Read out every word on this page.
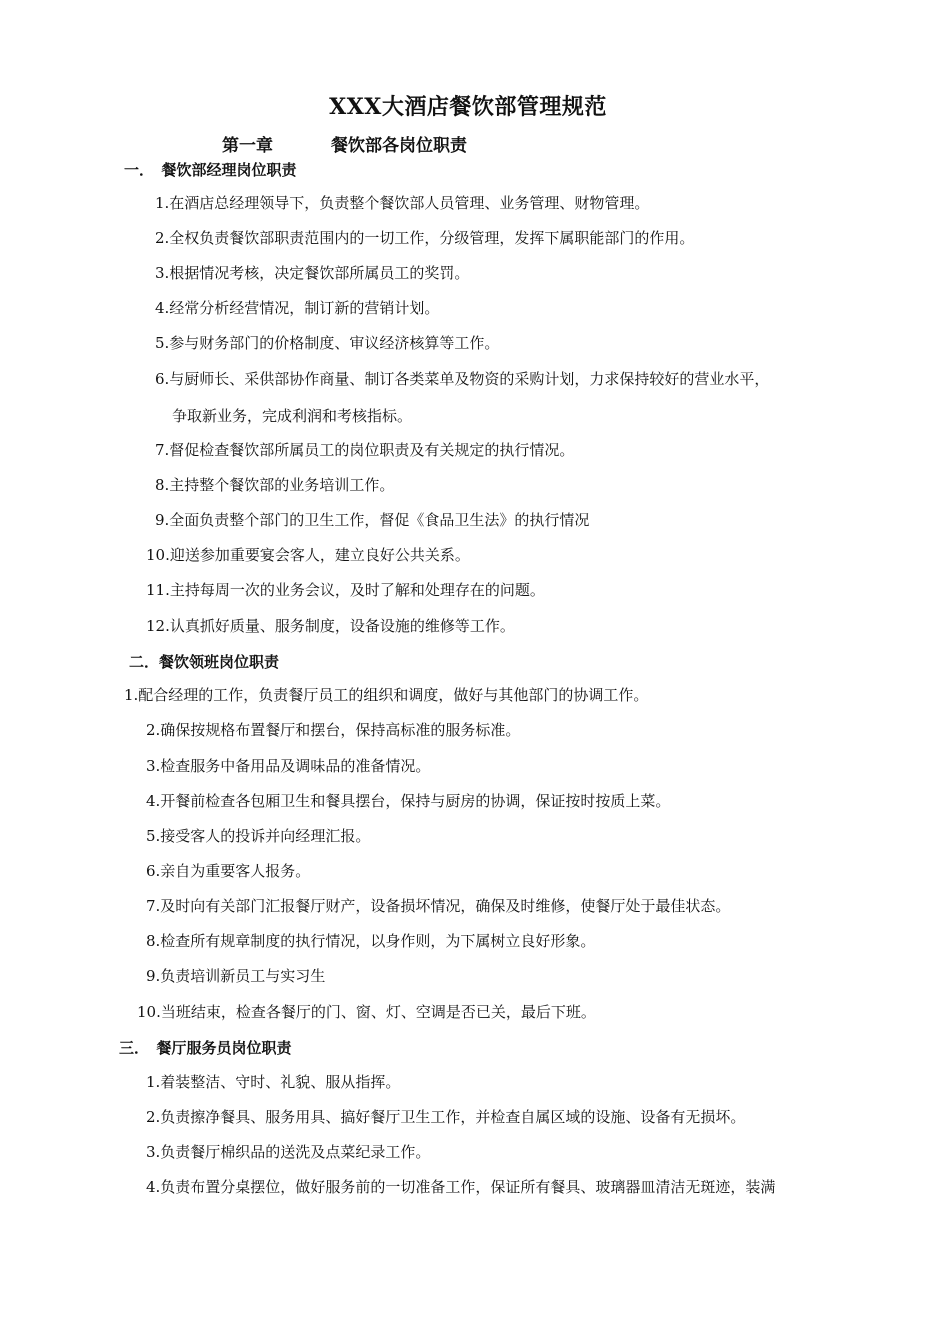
XXX大酒店餐饮部管理规范
第一章	餐饮部各岗位职责
一．　餐饮部经理岗位职责
1.在酒店总经理领导下，负责整个餐饮部人员管理、业务管理、财物管理。
2.全权负责餐饮部职责范围内的一切工作，分级管理，发挥下属职能部门的作用。
3.根据情况考核，决定餐饮部所属员工的奖罚。
4.经常分析经营情况，制订新的营销计划。
5.参与财务部门的价格制度、审议经济核算等工作。
6.与厨师长、采供部协作商量、制订各类菜单及物资的采购计划，力求保持较好的营业水平，
争取新业务，完成利润和考核指标。
7.督促检查餐饮部所属员工的岗位职责及有关规定的执行情况。
8.主持整个餐饮部的业务培训工作。
9.全面负责整个部门的卫生工作，督促《食品卫生法》的执行情况
10.迎送参加重要宴会客人，建立良好公共关系。
11.主持每周一次的业务会议，及时了解和处理存在的问题。
12.认真抓好质量、服务制度，设备设施的维修等工作。
二．餐饮领班岗位职责
1.配合经理的工作，负责餐厅员工的组织和调度，做好与其他部门的协调工作。
2.确保按规格布置餐厅和摆台，保持高标准的服务标准。
3.检查服务中备用品及调味品的准备情况。
4.开餐前检查各包厢卫生和餐具摆台，保持与厨房的协调，保证按时按质上菜。
5.接受客人的投诉并向经理汇报。
6.亲自为重要客人报务。
7.及时向有关部门汇报餐厅财产，设备损坏情况，确保及时维修，使餐厅处于最佳状态。
8.检查所有规章制度的执行情况，以身作则，为下属树立良好形象。
9.负责培训新员工与实习生
10.当班结束，检查各餐厅的门、窗、灯、空调是否已关，最后下班。
三．　餐厅服务员岗位职责
1.着装整洁、守时、礼貌、服从指挥。
2.负责擦净餐具、服务用具、搞好餐厅卫生工作，并检查自属区域的设施、设备有无损坏。
3.负责餐厅棉织品的送洗及点菜纪录工作。
4.负责布置分桌摆位，做好服务前的一切准备工作，保证所有餐具、玻璃器皿清洁无斑迹，装满
